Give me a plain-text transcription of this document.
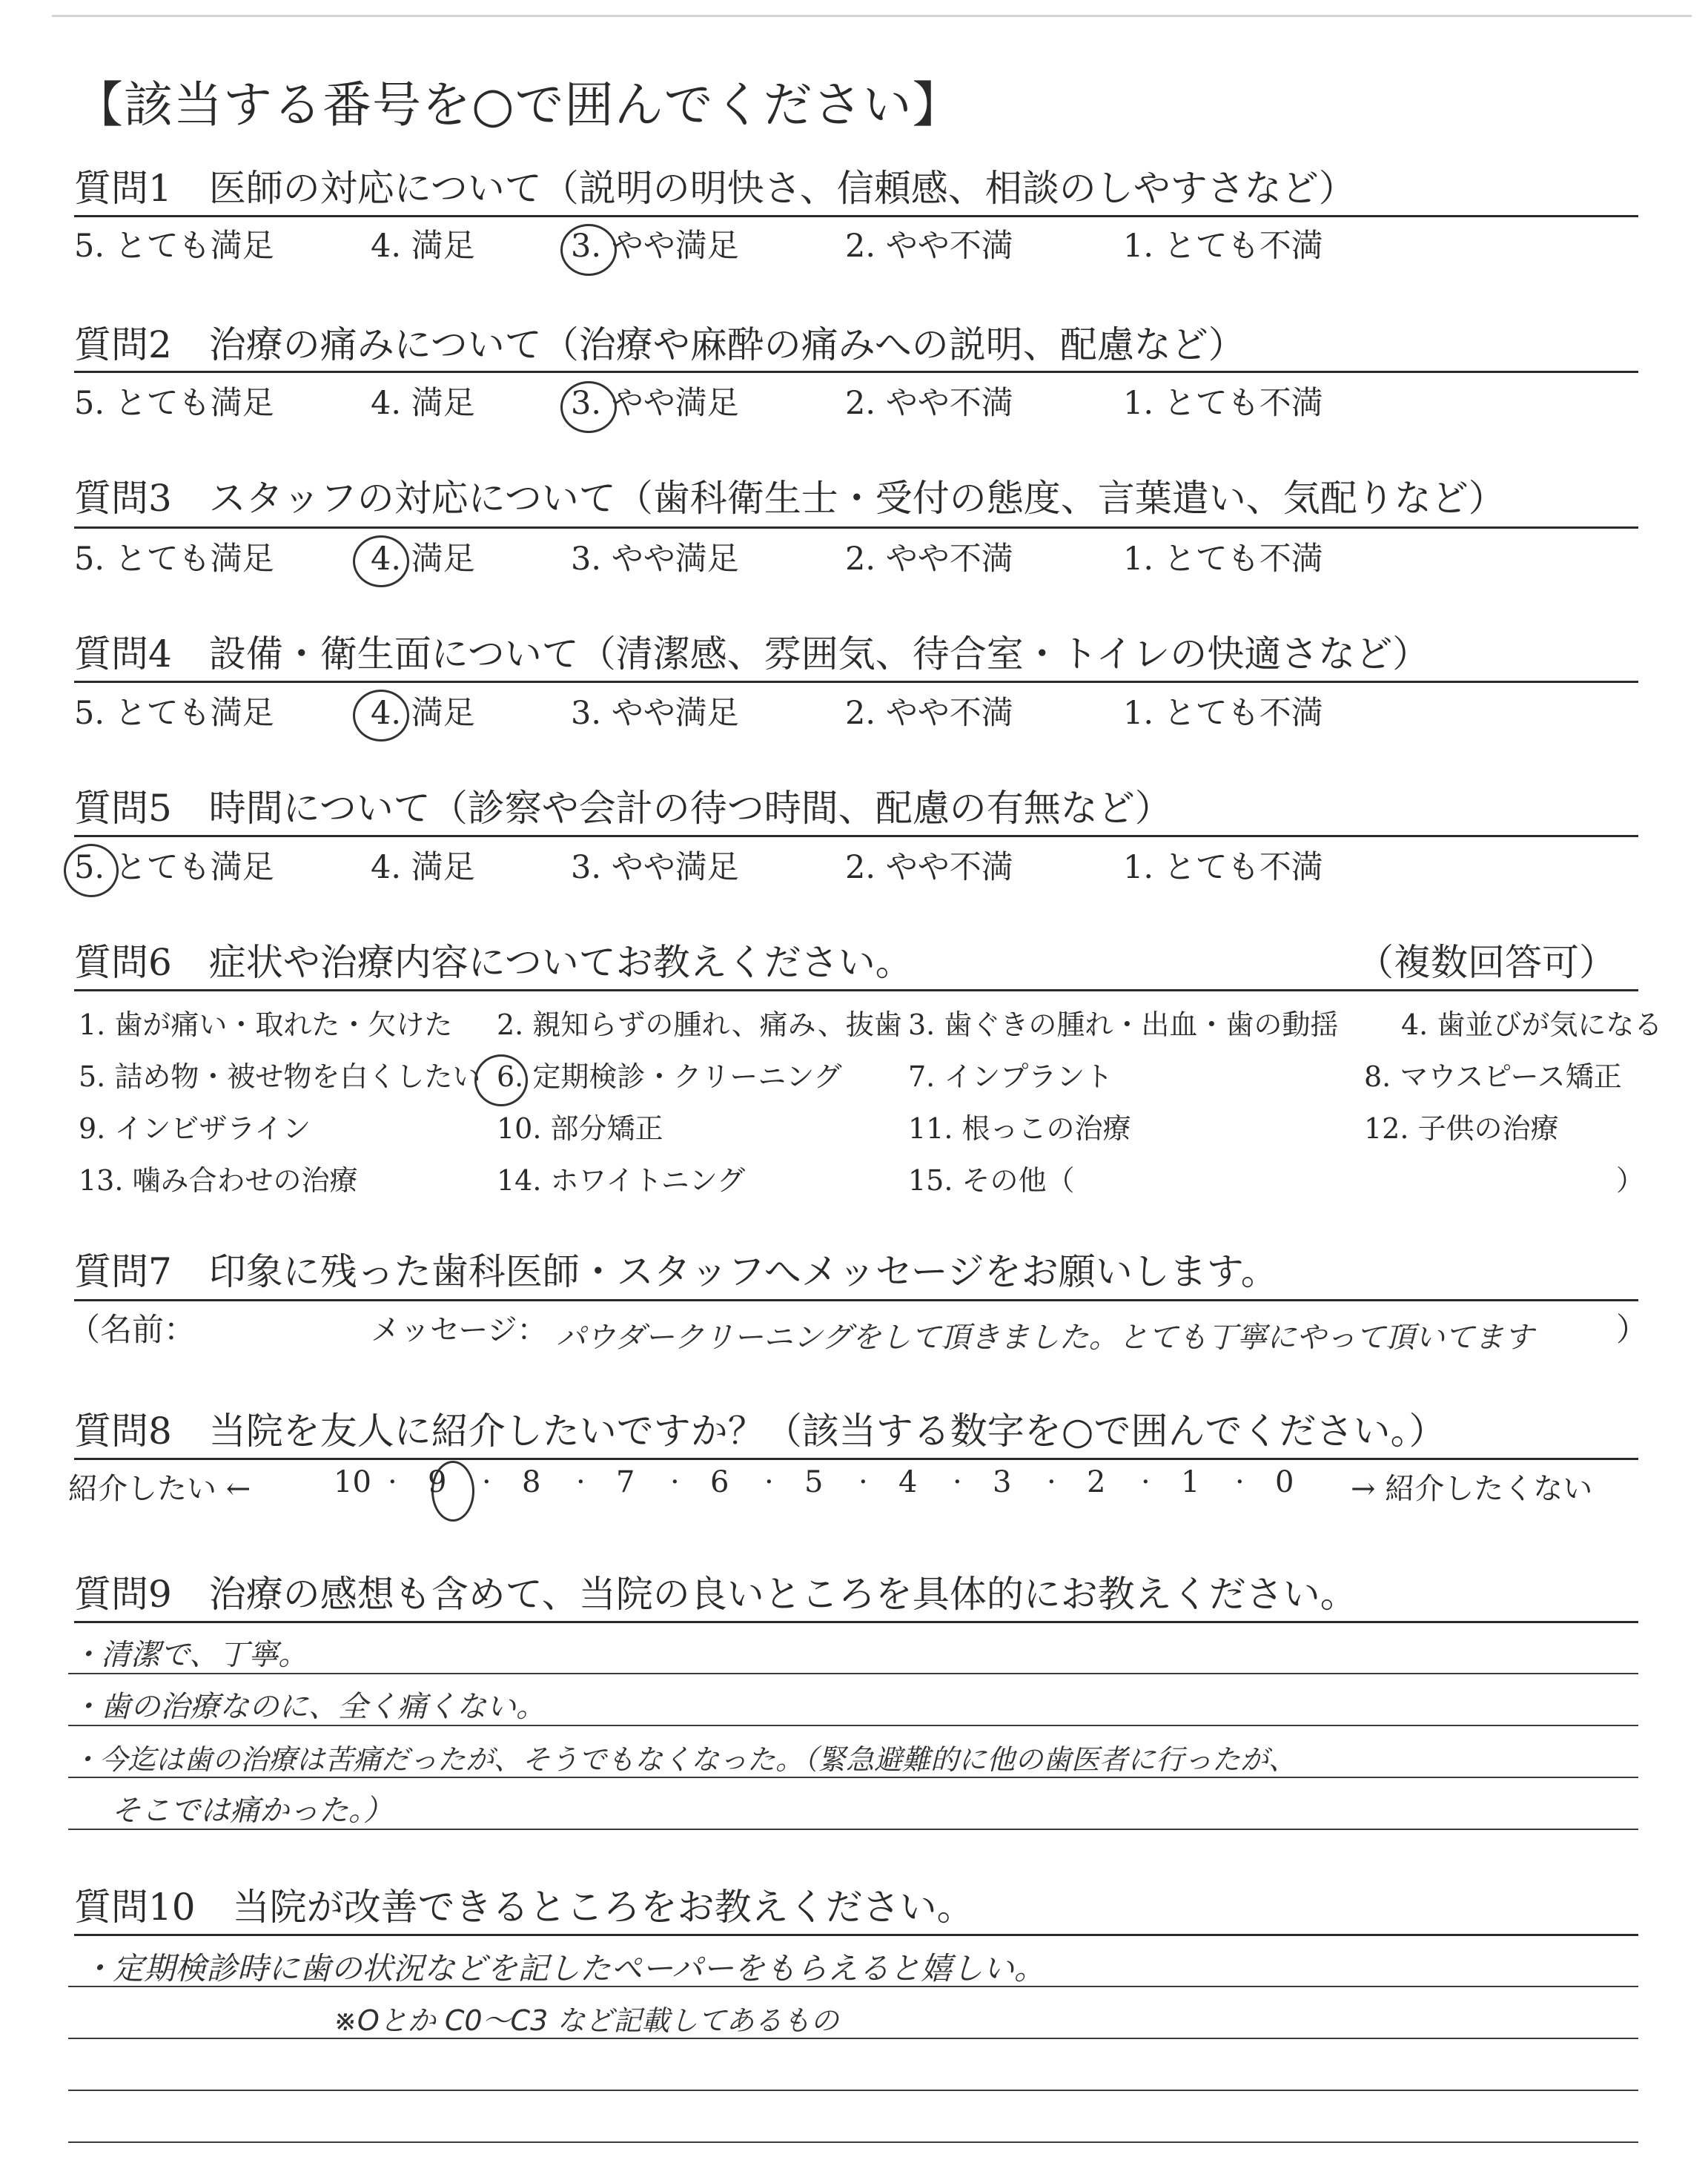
【該当する番号を○で囲んでください】
質問1　医師の対応について（説明の明快さ、信頼感、相談のしやすさなど）
5. とても満足	4. 満足	3. やや満足	2. やや不満	1. とても不満
質問2　治療の痛みについて（治療や麻酔の痛みへの説明、配慮など）
5. とても満足	4. 満足	3. やや満足	2. やや不満	1. とても不満
質問3　スタッフの対応について（歯科衛生士・受付の態度、言葉遣い、気配りなど）
5. とても満足	4. 満足	3. やや満足	2. やや不満	1. とても不満
質問4　設備・衛生面について（清潔感、雰囲気、待合室・トイレの快適さなど）
5. とても満足	4. 満足	3. やや満足	2. やや不満	1. とても不満
質問5　時間について（診察や会計の待つ時間、配慮の有無など）
5. とても満足	4. 満足	3. やや満足	2. やや不満	1. とても不満
質問6　症状や治療内容についてお教えください。	（複数回答可）
1. 歯が痛い・取れた・欠けた 2. 親知らずの腫れ、痛み、抜歯 3. 歯ぐきの腫れ・出血・歯の動揺 4. 歯並びが気になる
5. 詰め物・被せ物を白くしたい 6. 定期検診・クリーニング 7. インプラント	8. マウスピース矯正
9. インビザライン	10. 部分矯正	11. 根っこの治療	12. 子供の治療
13. 噛み合わせの治療	14. ホワイトニング	15. その他（	）
質問7　印象に残った歯科医師・スタッフへメッセージをお願いします。
（名前：	メッセージ：	）
パウダークリーニングをして頂きました。とても丁寧にやって頂いてます
質問8　当院を友人に紹介したいですか？（該当する数字を○で囲んでください。）
紹介したい ←	→ 紹介したくない
質問9　治療の感想も含めて、当院の良いところを具体的にお教えください。
・清潔で、丁寧。
・歯の治療なのに、全く痛くない。
・今迄は歯の治療は苦痛だったが、そうでもなくなった。（緊急避難的に他の歯医者に行ったが、
そこでは痛かった。）
質問10　当院が改善できるところをお教えください。
・定期検診時に歯の状況などを記したペーパーをもらえると嬉しい。
※Oとか C0～C3 など記載してあるもの
10 · 9 · 8 · 7 · 6 · 5 · 4 · 3 · 2 · 1 · 0
